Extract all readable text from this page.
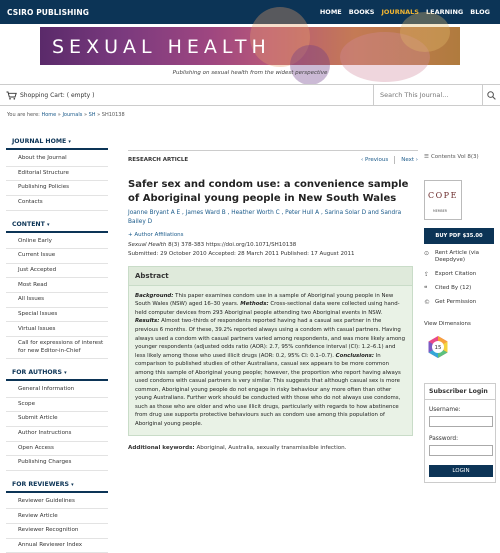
CSIRO PUBLISHING	HOME BOOKS JOURNALS LEARNING BLOG
SEXUAL HEALTH
Publishing on sexual health from the widest perspective
Shopping Cart: ( empty )
Search This Journal...
You are here: Home » Journals » SH » SH10138
JOURNAL HOME ▾
About the Journal
Editorial Structure
Publishing Policies
Contacts
CONTENT ▾
Online Early
Current Issue
Just Accepted
Most Read
All Issues
Special Issues
Virtual Issues
Call for expressions of interest for new Editor-in-Chief
FOR AUTHORS ▾
General Information
Scope
Submit Article
Author Instructions
Open Access
Publishing Charges
FOR REVIEWERS ▾
Reviewer Guidelines
Review Article
Reviewer Recognition
Annual Reviewer Index
RESEARCH ARTICLE	‹ Previous Next ›
Safer sex and condom use: a convenience sample of Aboriginal young people in New South Wales
Joanne Bryant A E , James Ward B , Heather Worth C , Peter Hull A , Sarina Solar D and Sandra Bailey D
+ Author Affiliations
Sexual Health 8(3) 378-383 https://doi.org/10.1071/SH10138
Submitted: 29 October 2010 Accepted: 28 March 2011 Published: 17 August 2011
Abstract
Background: This paper examines condom use in a sample of Aboriginal young people in New South Wales (NSW) aged 16–30 years. Methods: Cross-sectional data were collected using hand-held computer devices from 293 Aboriginal people attending two Aboriginal events in NSW. Results: Almost two-thirds of respondents reported having had a casual sex partner in the previous 6 months. Of these, 39.2% reported always using a condom with casual partners. Having always used a condom with casual partners varied among respondents, and was more likely among younger respondents (adjusted odds ratio (AOR): 2.7, 95% confidence interval (CI): 1.2–6.1) and less likely among those who used illicit drugs (AOR: 0.2, 95% CI: 0.1–0.7). Conclusions: In comparison to published studies of other Australians, casual sex appears to be more common among this sample of Aboriginal young people; however, the proportion who report having always used condoms with casual partners is very similar. This suggests that although casual sex is more common, Aboriginal young people do not engage in risky behaviour any more often than other young Australians. Further work should be conducted with those who do not always use condoms, such as those who are older and who use illicit drugs, particularly with regards to how abstinence from drug use supports protective behaviours such as condom use among this population of Aboriginal young people.
Additional keywords: Aboriginal, Australia, sexually transmissible infection.
☰ Contents Vol 8(3)
COPE
MEMBER
BUY PDF $35.00
⊙	Rent Article (via Deepdyve)
⇪	Export Citation
❝	Cited By (12)
© Get Permission
View Dimensions
15
Subscriber Login
Username:
Password:
LOGIN
